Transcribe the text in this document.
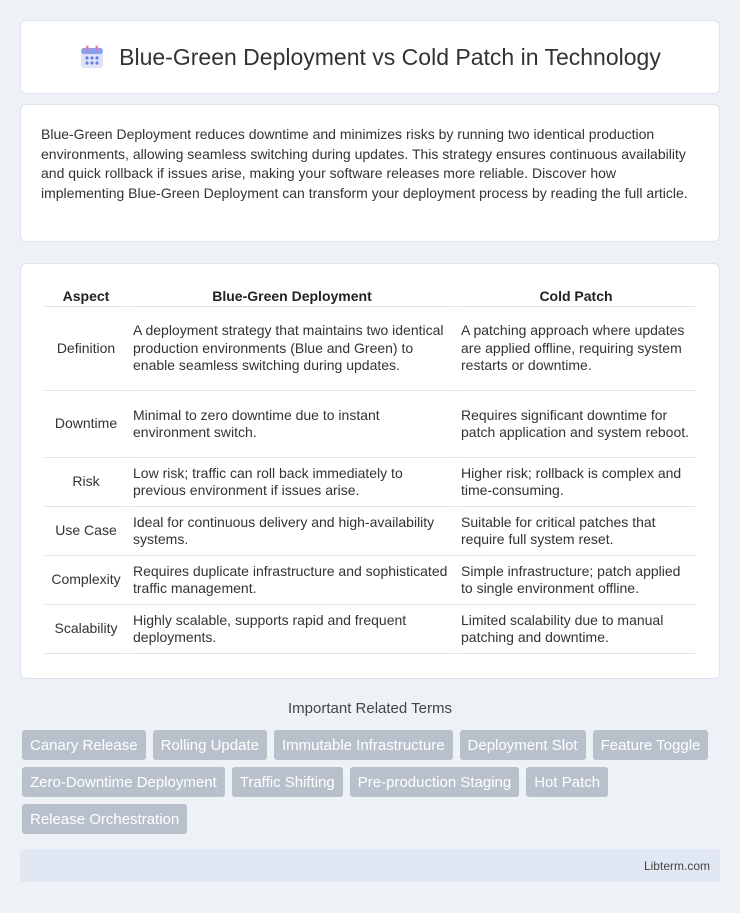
Blue-Green Deployment vs Cold Patch in Technology

Blue-Green Deployment reduces downtime and minimizes risks by running two identical production environments, allowing seamless switching during updates. This strategy ensures continuous availability and quick rollback if issues arise, making your software releases more reliable. Discover how implementing Blue-Green Deployment can transform your deployment process by reading the full article.

Aspect	Blue-Green Deployment	Cold Patch
Definition	A deployment strategy that maintains two identical production environments (Blue and Green) to enable seamless switching during updates.	A patching approach where updates are applied offline, requiring system restarts or downtime.
Downtime	Minimal to zero downtime due to instant environment switch.	Requires significant downtime for patch application and system reboot.
Risk	Low risk; traffic can roll back immediately to previous environment if issues arise.	Higher risk; rollback is complex and time-consuming.
Use Case	Ideal for continuous delivery and high-availability systems.	Suitable for critical patches that require full system reset.
Complexity	Requires duplicate infrastructure and sophisticated traffic management.	Simple infrastructure; patch applied to single environment offline.
Scalability	Highly scalable, supports rapid and frequent deployments.	Limited scalability due to manual patching and downtime.
Important Related Terms
Canary Release	Rolling Update	Immutable Infrastructure	Deployment Slot	Feature Toggle
Zero-Downtime Deployment	Traffic Shifting	Pre-production Staging	Hot Patch
Release Orchestration
Libterm.com
